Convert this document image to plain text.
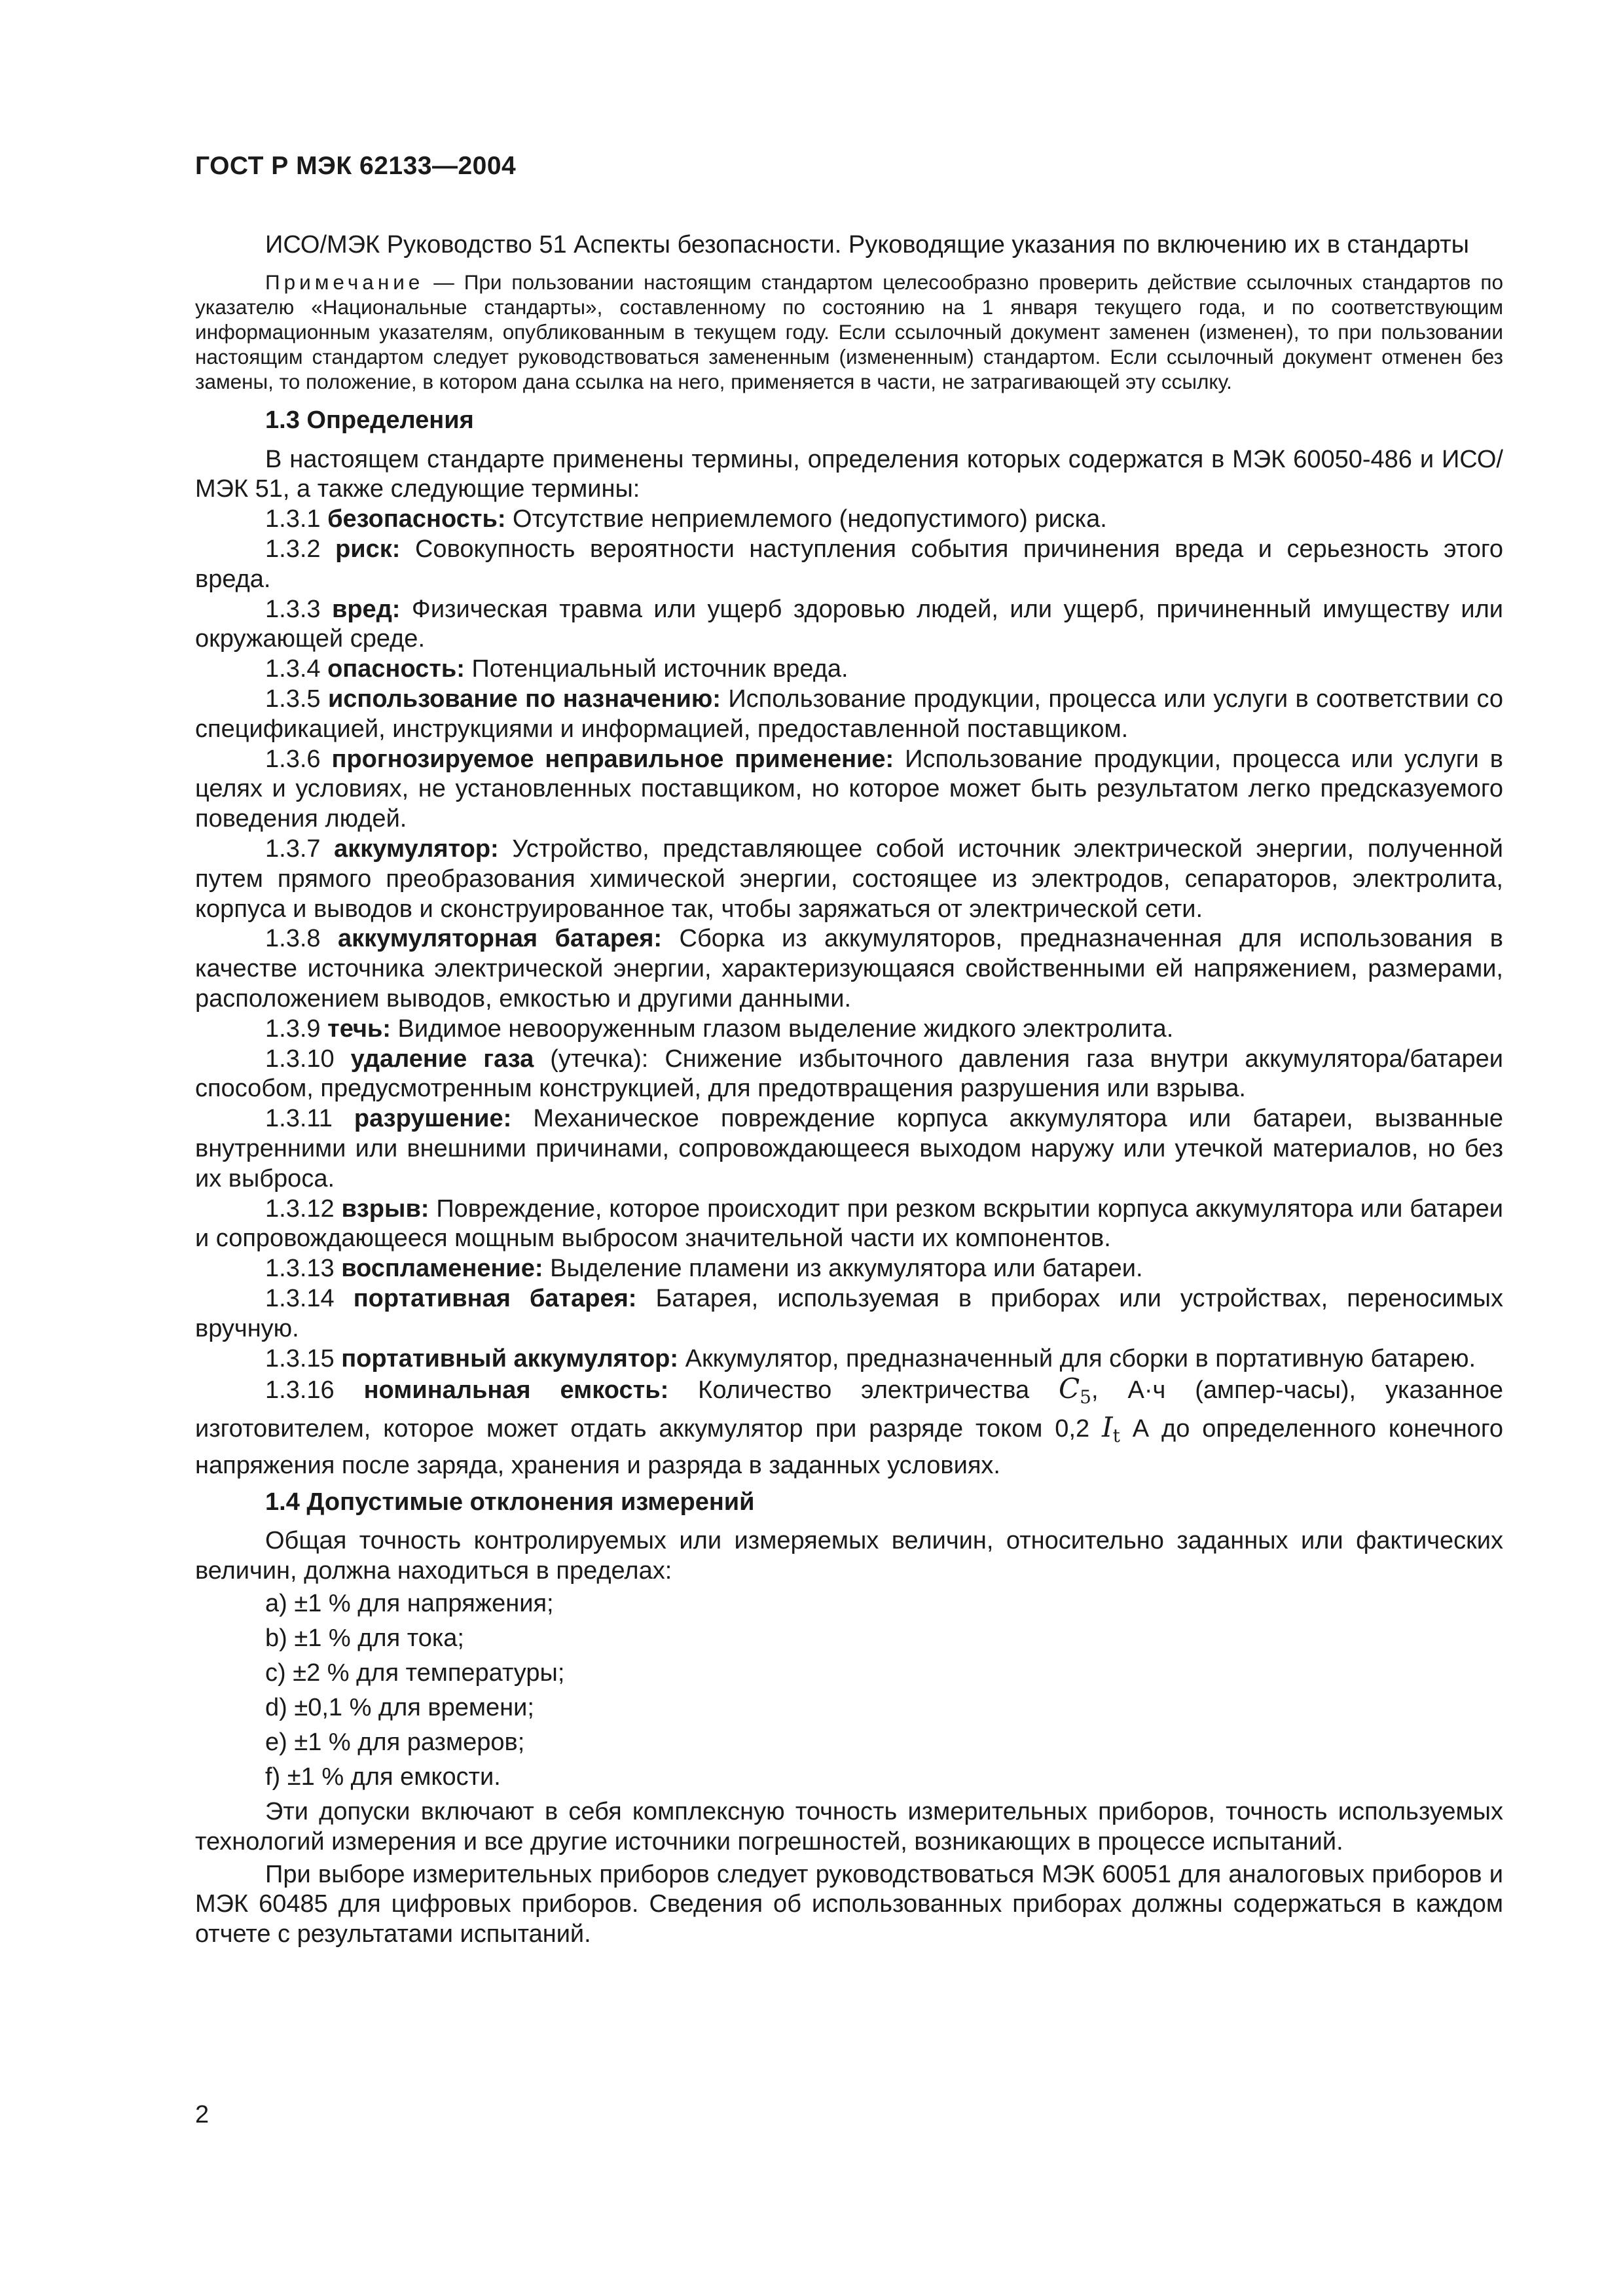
ГОСТ Р МЭК 62133—2004

ИСО/МЭК Руководство 51 Аспекты безопасности. Руководящие указания по включению их в стандарты

Примечание — При пользовании настоящим стандартом целесообразно проверить действие ссылочных стандартов по указателю «Национальные стандарты», составленному по состоянию на 1 января текущего года, и по соответствующим информационным указателям, опубликованным в текущем году. Если ссылочный документ заменен (изменен), то при пользовании настоящим стандартом следует руководствоваться замененным (измененным) стандартом. Если ссылочный документ отменен без замены, то положение, в котором дана ссылка на него, применяется в части, не затрагивающей эту ссылку.

1.3 Определения

В настоящем стандарте применены термины, определения которых содержатся в МЭК 60050-486 и ИСО/МЭК 51, а также следующие термины:

1.3.1 безопасность: Отсутствие неприемлемого (недопустимого) риска.

1.3.2 риск: Совокупность вероятности наступления события причинения вреда и серьезность этого вреда.

1.3.3 вред: Физическая травма или ущерб здоровью людей, или ущерб, причиненный имуществу или окружающей среде.

1.3.4 опасность: Потенциальный источник вреда.

1.3.5 использование по назначению: Использование продукции, процесса или услуги в соответствии со спецификацией, инструкциями и информацией, предоставленной поставщиком.

1.3.6 прогнозируемое неправильное применение: Использование продукции, процесса или услуги в целях и условиях, не установленных поставщиком, но которое может быть результатом легко предсказуемого поведения людей.

1.3.7 аккумулятор: Устройство, представляющее собой источник электрической энергии, полученной путем прямого преобразования химической энергии, состоящее из электродов, сепараторов, электролита, корпуса и выводов и сконструированное так, чтобы заряжаться от электрической сети.

1.3.8 аккумуляторная батарея: Сборка из аккумуляторов, предназначенная для использования в качестве источника электрической энергии, характеризующаяся свойственными ей напряжением, размерами, расположением выводов, емкостью и другими данными.

1.3.9 течь: Видимое невооруженным глазом выделение жидкого электролита.

1.3.10 удаление газа (утечка): Снижение избыточного давления газа внутри аккумулятора/батареи способом, предусмотренным конструкцией, для предотвращения разрушения или взрыва.

1.3.11 разрушение: Механическое повреждение корпуса аккумулятора или батареи, вызванные внутренними или внешними причинами, сопровождающееся выходом наружу или утечкой материалов, но без их выброса.

1.3.12 взрыв: Повреждение, которое происходит при резком вскрытии корпуса аккумулятора или батареи и сопровождающееся мощным выбросом значительной части их компонентов.

1.3.13 воспламенение: Выделение пламени из аккумулятора или батареи.

1.3.14 портативная батарея: Батарея, используемая в приборах или устройствах, переносимых вручную.

1.3.15 портативный аккумулятор: Аккумулятор, предназначенный для сборки в портативную батарею.

1.3.16 номинальная емкость: Количество электричества $C_5$, А·ч (ампер-часы), указанное изготовителем, которое может отдать аккумулятор при разряде током 0,2 $I_t$ А до определенного конечного напряжения после заряда, хранения и разряда в заданных условиях.

1.4 Допустимые отклонения измерений

Общая точность контролируемых или измеряемых величин, относительно заданных или фактических величин, должна находиться в пределах:

a) ±1 % для напряжения;
b) ±1 % для тока;
c) ±2 % для температуры;
d) ±0,1 % для времени;
e) ±1 % для размеров;
f) ±1 % для емкости.

Эти допуски включают в себя комплексную точность измерительных приборов, точность используемых технологий измерения и все другие источники погрешностей, возникающих в процессе испытаний.

При выборе измерительных приборов следует руководствоваться МЭК 60051 для аналоговых приборов и МЭК 60485 для цифровых приборов. Сведения об использованных приборах должны содержаться в каждом отчете с результатами испытаний.

2
